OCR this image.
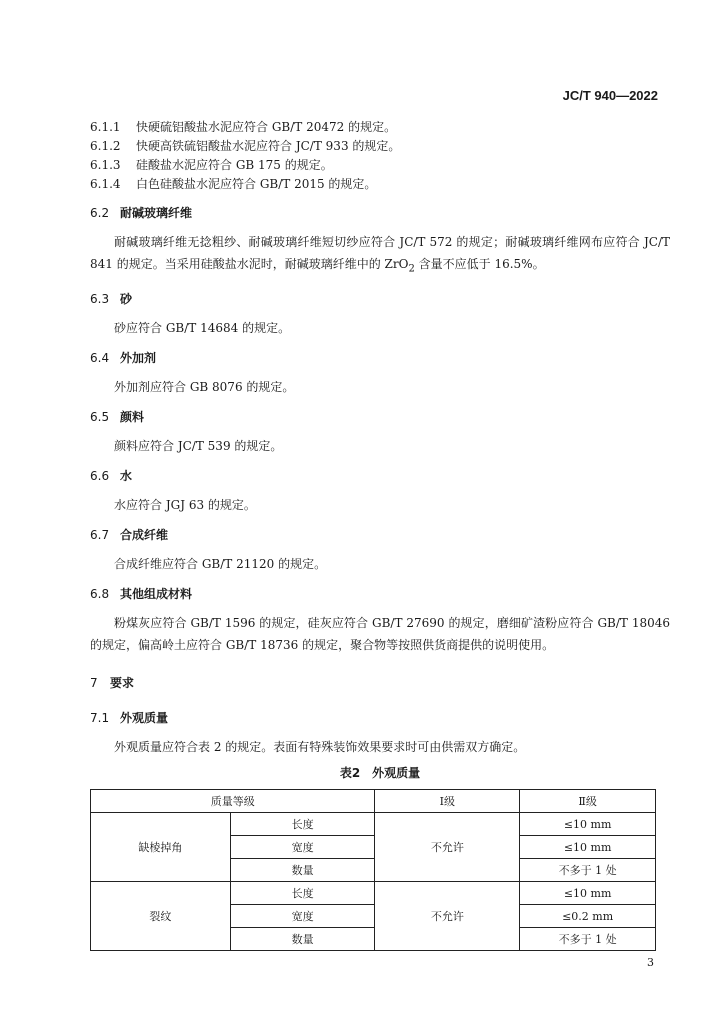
JC/T 940—2022
6.1.1 快硬硫铝酸盐水泥应符合 GB/T 20472 的规定。
6.1.2 快硬高铁硫铝酸盐水泥应符合 JC/T 933 的规定。
6.1.3 硅酸盐水泥应符合 GB 175 的规定。
6.1.4 白色硅酸盐水泥应符合 GB/T 2015 的规定。
6.2 耐碱玻璃纤维
耐碱玻璃纤维无捻粗纱、耐碱玻璃纤维短切纱应符合 JC/T 572 的规定；耐碱玻璃纤维网布应符合 JC/T 841 的规定。当采用硅酸盐水泥时，耐碱玻璃纤维中的 ZrO$_2$ 含量不应低于 16.5%。
6.3 砂
砂应符合 GB/T 14684 的规定。
6.4 外加剂
外加剂应符合 GB 8076 的规定。
6.5 颜料
颜料应符合 JC/T 539 的规定。
6.6 水
水应符合 JGJ 63 的规定。
6.7 合成纤维
合成纤维应符合 GB/T 21120 的规定。
6.8 其他组成材料
粉煤灰应符合 GB/T 1596 的规定，硅灰应符合 GB/T 27690 的规定，磨细矿渣粉应符合 GB/T 18046 的规定，偏高岭土应符合 GB/T 18736 的规定，聚合物等按照供货商提供的说明使用。
7 要求
7.1 外观质量
外观质量应符合表 2 的规定。表面有特殊装饰效果要求时可由供需双方确定。
表2　外观质量
质量等级		Ⅰ级	Ⅱ级
缺棱掉角	长度	不允许	≤10 mm
	宽度		≤10 mm
	数量		不多于 1 处
裂纹	长度	不允许	≤10 mm
	宽度		≤0.2 mm
	数量		不多于 1 处
3
